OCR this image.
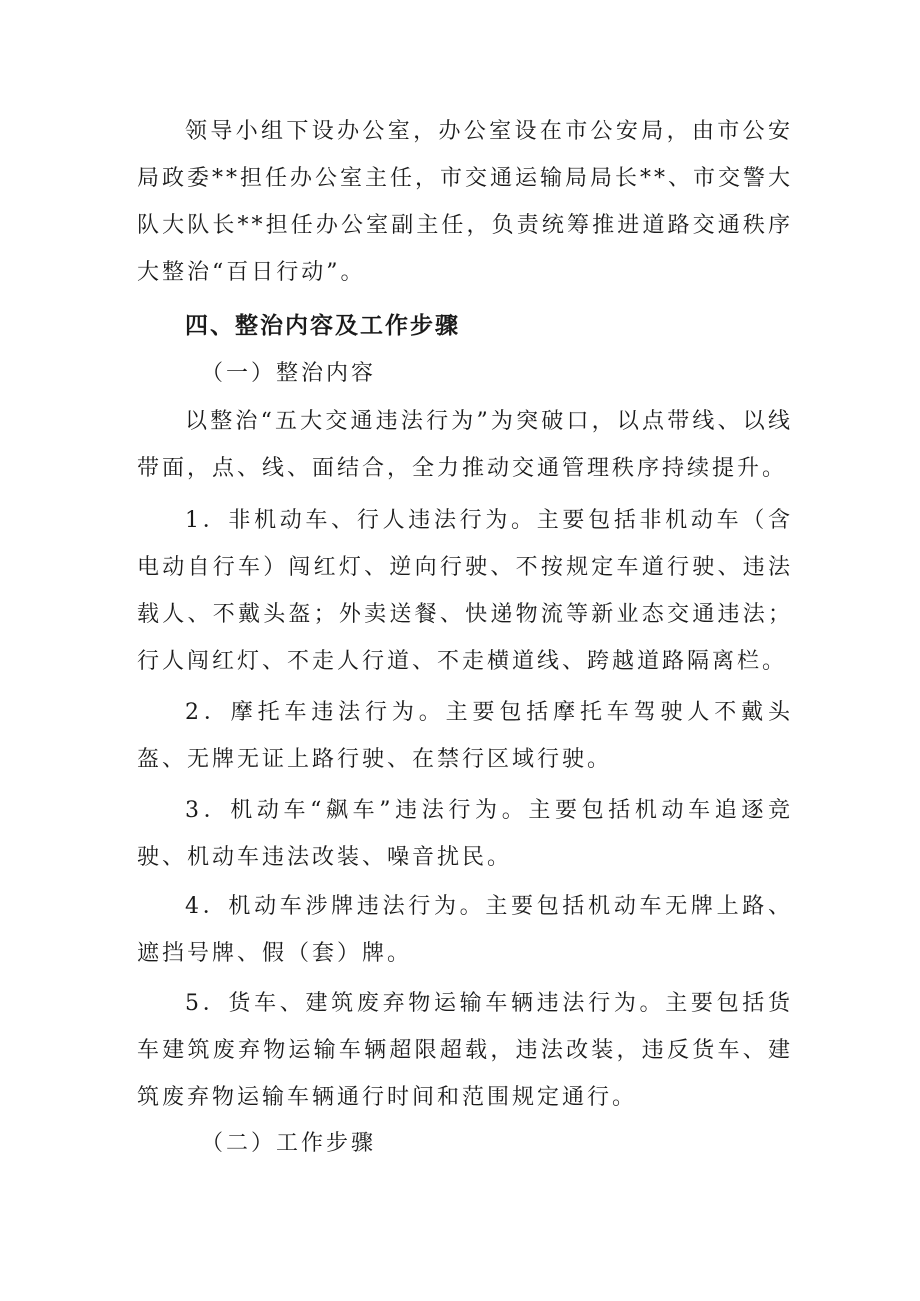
领导小组下设办公室，办公室设在市公安局，由市公安局政委**担任办公室主任，市交通运输局局长**、市交警大队大队长**担任办公室副主任，负责统筹推进道路交通秩序大整治“百日行动”。

四、整治内容及工作步骤

（一）整治内容

以整治“五大交通违法行为”为突破口，以点带线、以线带面，点、线、面结合，全力推动交通管理秩序持续提升。

1．非机动车、行人违法行为。主要包括非机动车（含电动自行车）闯红灯、逆向行驶、不按规定车道行驶、违法载人、不戴头盔；外卖送餐、快递物流等新业态交通违法；行人闯红灯、不走人行道、不走横道线、跨越道路隔离栏。

2．摩托车违法行为。主要包括摩托车驾驶人不戴头盔、无牌无证上路行驶、在禁行区域行驶。

3．机动车“飙车”违法行为。主要包括机动车追逐竞驶、机动车违法改装、噪音扰民。

4．机动车涉牌违法行为。主要包括机动车无牌上路、遮挡号牌、假（套）牌。

5．货车、建筑废弃物运输车辆违法行为。主要包括货车建筑废弃物运输车辆超限超载，违法改装，违反货车、建筑废弃物运输车辆通行时间和范围规定通行。

（二）工作步骤
